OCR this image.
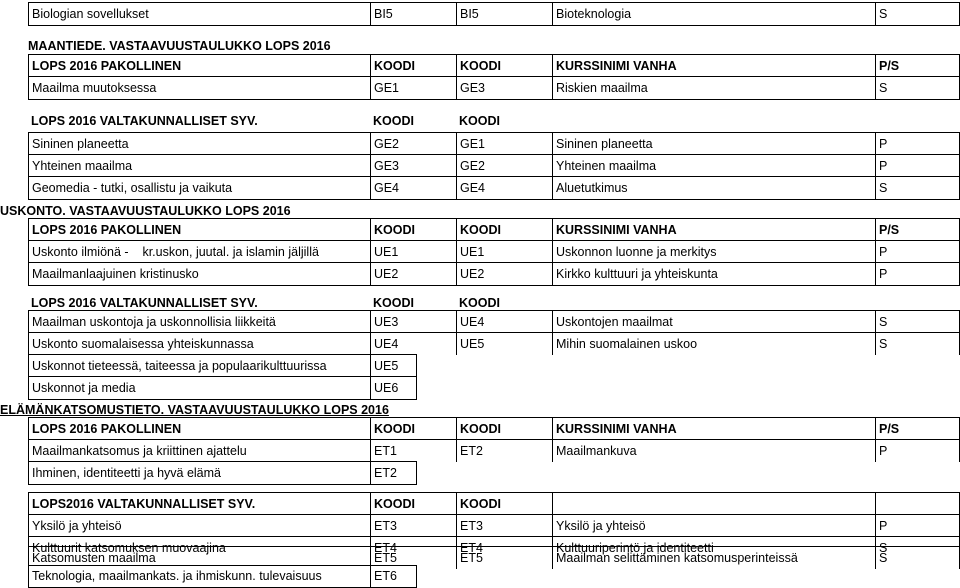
Biologian sovellukset	BI5	BI5	Bioteknologia	S
MAANTIEDE. VASTAAVUUSTAULUKKO LOPS 2016
LOPS 2016 PAKOLLINEN	KOODI	KOODI	KURSSINIMI VANHA	P/S
Maailma muutoksessa	GE1	GE3	Riskien maailma	S
LOPS 2016 VALTAKUNNALLISET SYV.	KOODI	KOODI
Sininen planeetta	GE2	GE1	Sininen planeetta	P
Yhteinen maailma	GE3	GE2	Yhteinen maailma	P
Geomedia - tutki, osallistu ja vaikuta	GE4	GE4	Aluetutkimus	S
USKONTO. VASTAAVUUSTAULUKKO LOPS 2016
LOPS 2016 PAKOLLINEN	KOODI	KOODI	KURSSINIMI VANHA	P/S
Uskonto ilmiönä -    kr.uskon, juutal. ja islamin jäljillä	UE1	UE1	Uskonnon luonne ja merkitys	P
Maailmanlaajuinen kristinusko	UE2	UE2	Kirkko kulttuuri ja yhteiskunta	P
LOPS 2016 VALTAKUNNALLISET SYV.	KOODI	KOODI
Maailman uskontoja ja uskonnollisia liikkeitä	UE3	UE4	Uskontojen maailmat	S
Uskonto suomalaisessa yhteiskunnassa	UE4	UE5	Mihin suomalainen uskoo	S
Uskonnot tieteessä, taiteessa ja populaarikulttuurissa	UE5
Uskonnot ja media	UE6
ELÄMÄNKATSOMUSTIETO. VASTAAVUUSTAULUKKO LOPS 2016
LOPS 2016 PAKOLLINEN	KOODI	KOODI	KURSSINIMI VANHA	P/S
Maailmankatsomus ja kriittinen ajattelu	ET1	ET2	Maailmankuva	P
Ihminen, identiteetti ja hyvä elämä	ET2
LOPS2016 VALTAKUNNALLISET SYV.	KOODI	KOODI
Yksilö ja yhteisö	ET3	ET3	Yksilö ja yhteisö	P
Kulttuurit katsomuksen muovaajina	ET4	ET4	Kulttuuriperintö ja identiteetti	S
Katsomusten maailma	ET5	ET5	Maailman selittäminen katsomusperinteissä	S
Teknologia, maailmankats. ja ihmiskunn. tulevaisuus	ET6
